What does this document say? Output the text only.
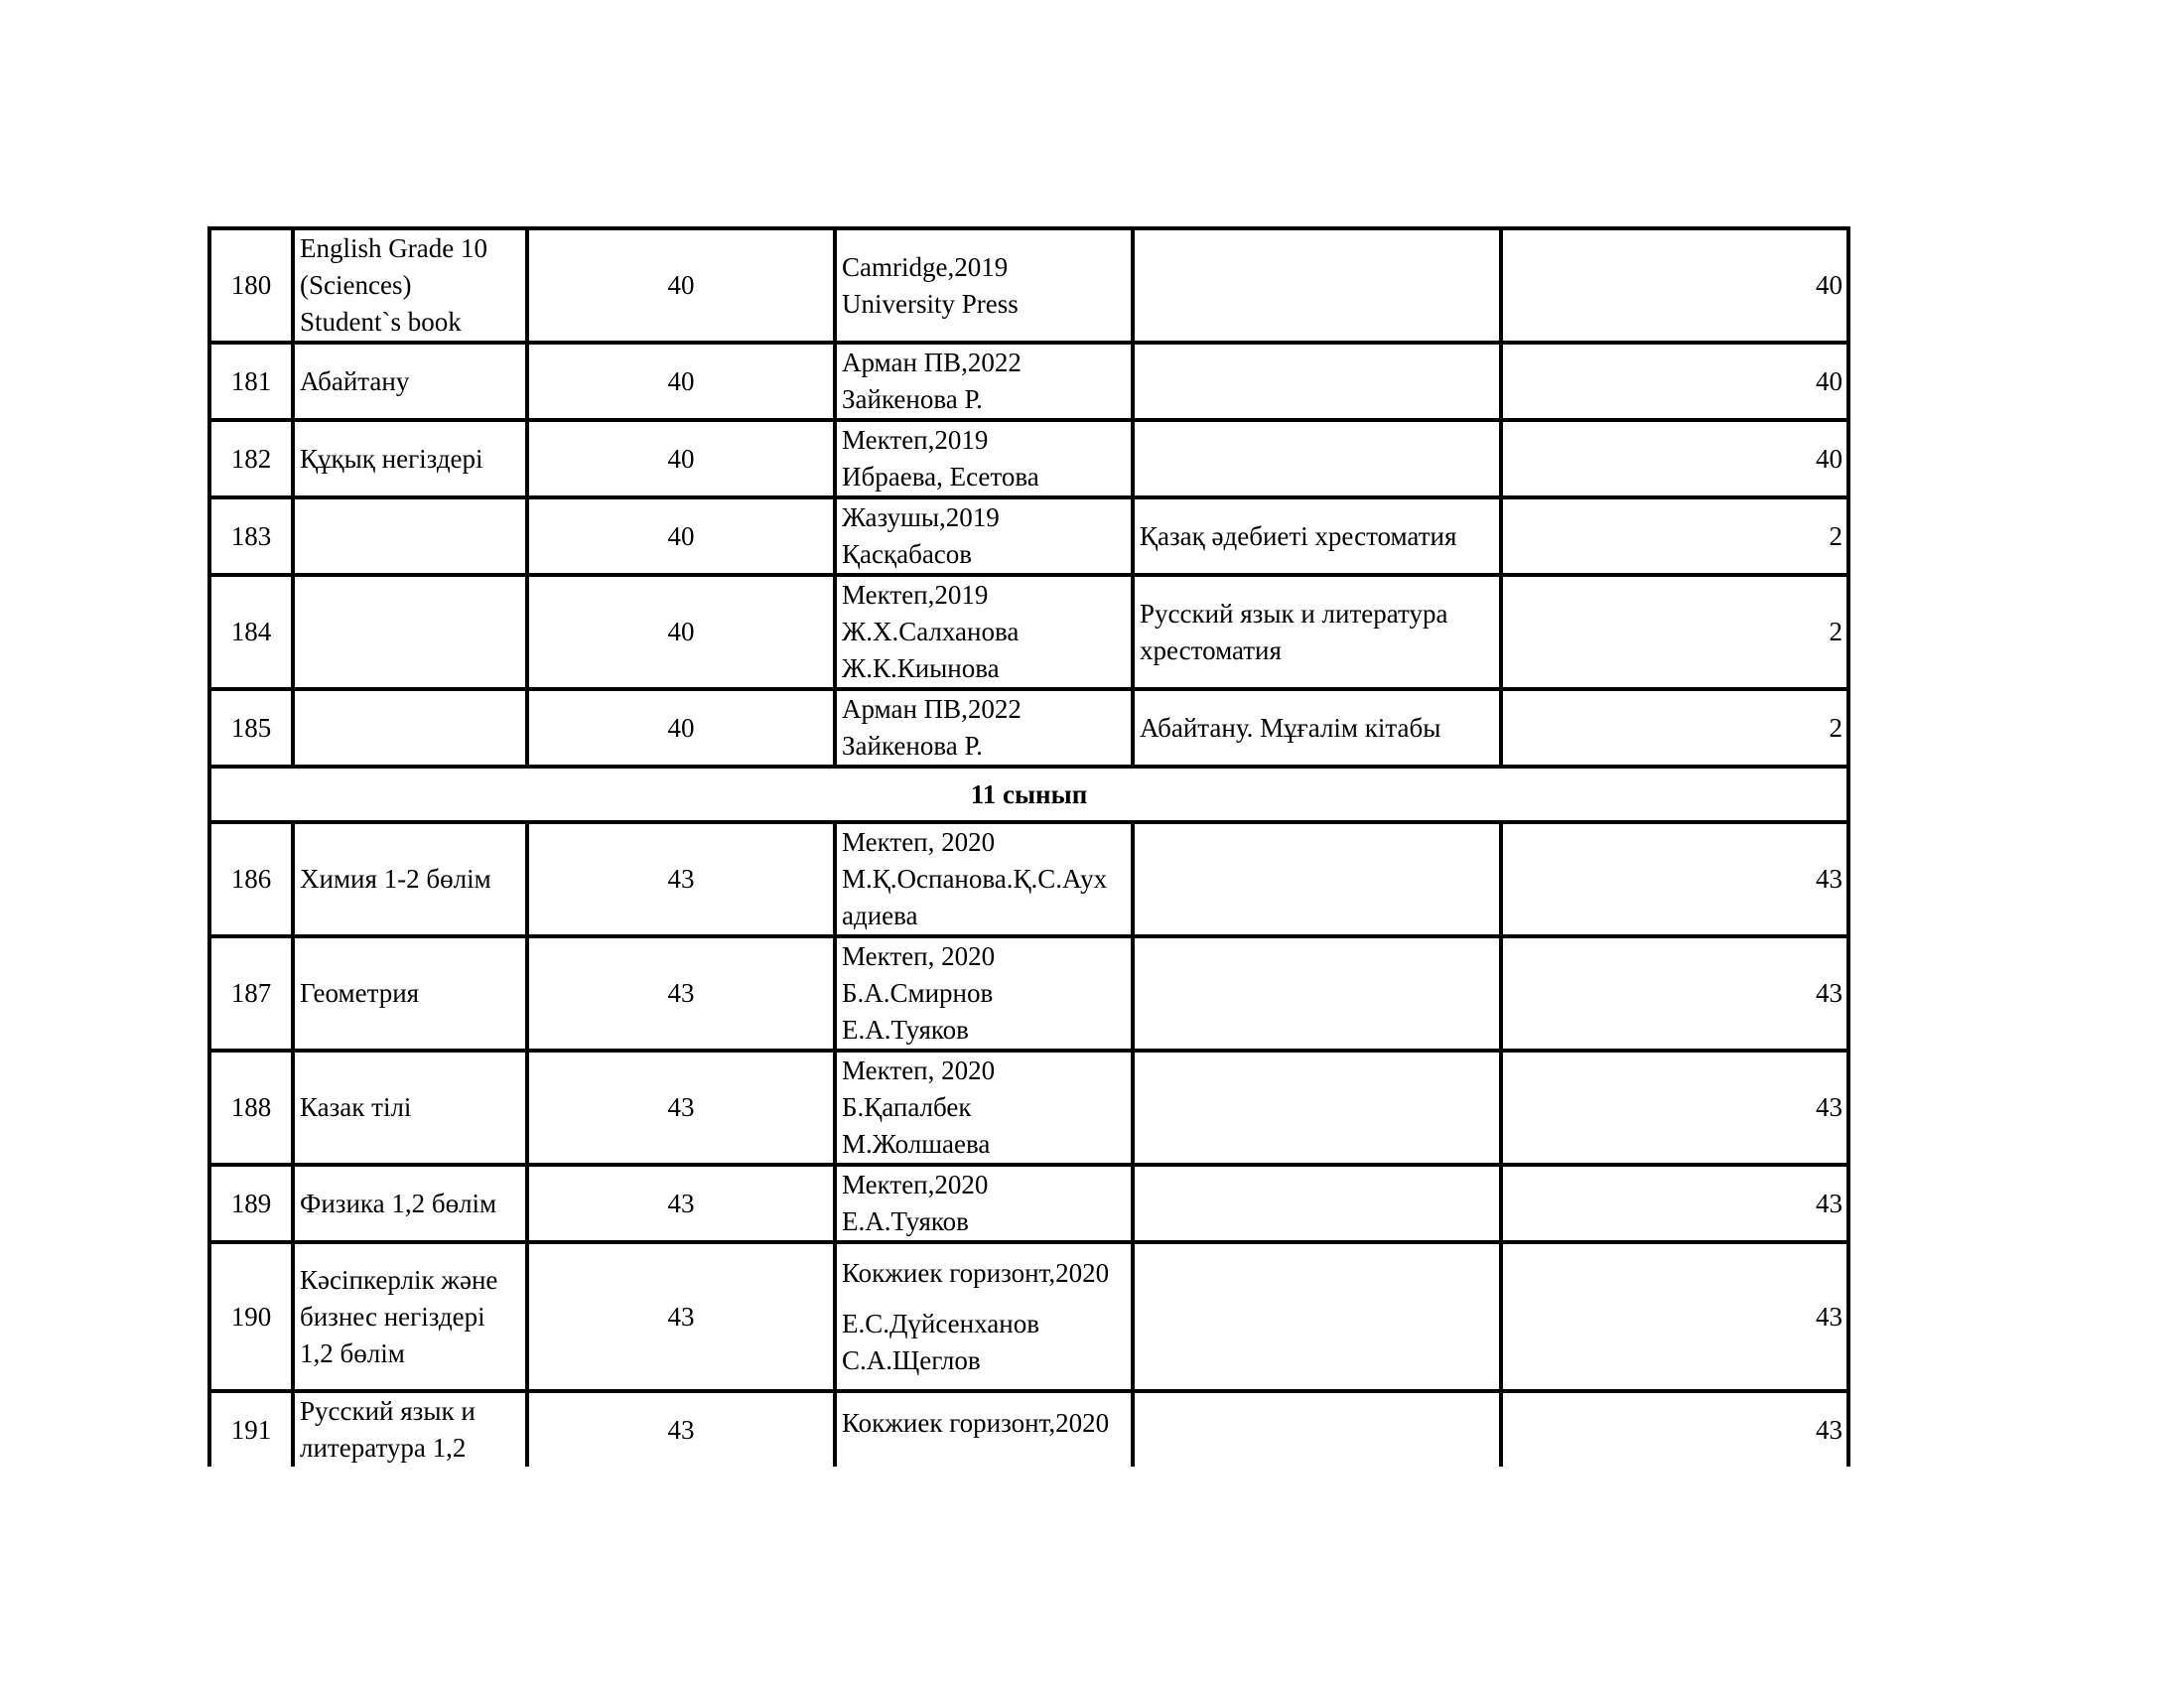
180	English Grade 10
(Sciences)
Student`s book	40	Camridge,2019
University Press		40
181	Абайтану	40	Арман ПВ,2022
Зайкенова Р.		40
182	Құқық негіздері	40	Мектеп,2019
Ибраева, Есетова		40
183		40	Жазушы,2019
Қасқабасов	Қазақ әдебиеті хрестоматия	2
184		40	Мектеп,2019
Ж.Х.Салханова
Ж.К.Киынова	Русский язык и литература хрестоматия	2
185		40	Арман ПВ,2022
Зайкенова Р.	Абайтану. Мұғалім кітабы	2
11 сынып					
186	Химия 1-2 бөлім	43	Мектеп, 2020
М.Қ.Оспанова.Қ.С.Аух
адиева		43
187	Геометрия	43	Мектеп, 2020
Б.А.Смирнов
Е.А.Туяков		43
188	Казак тілі	43	Мектеп, 2020
Б.Қапалбек
М.Жолшаева		43
189	Физика 1,2 бөлім	43	Мектеп,2020
Е.А.Туяков		43
190	Кәсіпкерлік және
бизнес негіздері
1,2 бөлім	43	Кокжиек горизонт,2020
Е.С.Дүйсенханов
С.А.Щеглов		43
191	Русский язык и
литература 1,2	43	Кокжиек горизонт,2020		43
